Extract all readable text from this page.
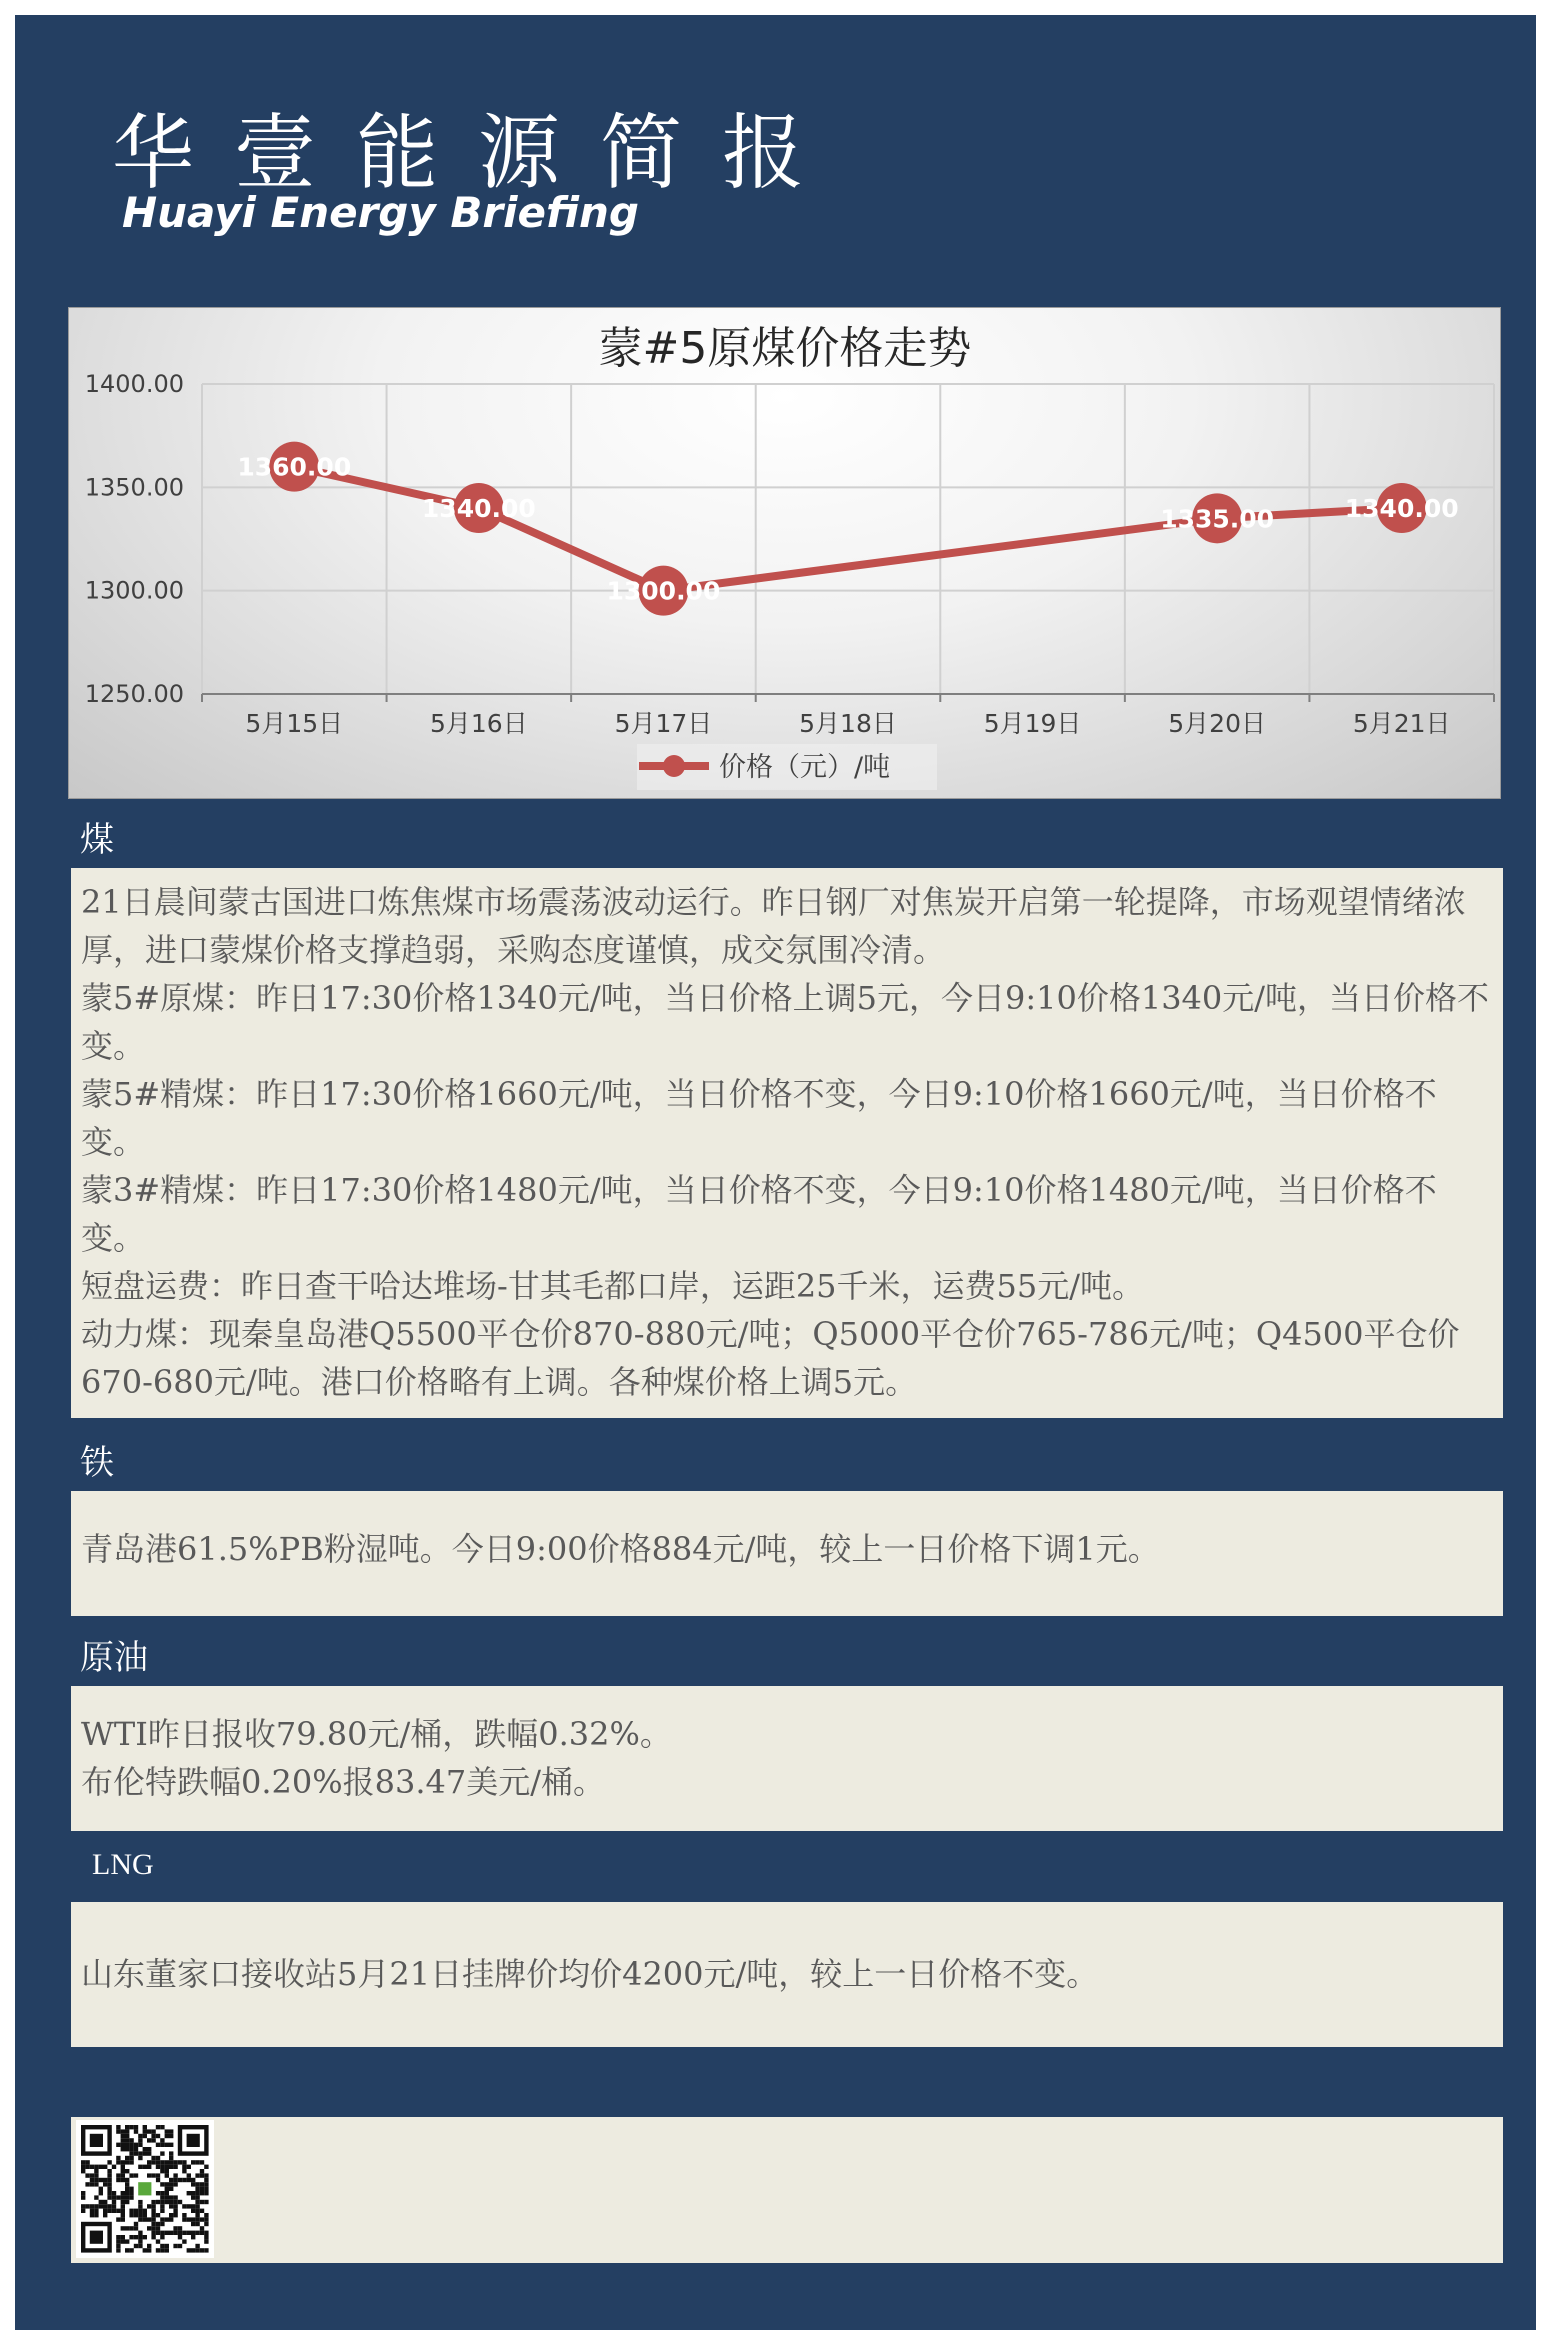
华壹能源简报
Huayi Energy Briefing
蒙#5原煤价格走势
1250.00
1300.00
1350.00
1400.00
5月15日	5月16日	5月17日	5月18日	5月19日	5月20日	5月21日
1360.00
1340.00
1300.00
1335.00	1340.00
价格（元）/吨
煤

21日晨间蒙古国进口炼焦煤市场震荡波动运行。昨日钢厂对焦炭开启第一轮提降，市场观望情绪浓厚，进口蒙煤价格支撑趋弱，采购态度谨慎，成交氛围冷清。

蒙5#原煤：昨日17:30价格1340元/吨，当日价格上调5元，今日9:10价格1340元/吨，当日价格不变。

蒙5#精煤：昨日17:30价格1660元/吨，当日价格不变，今日9:10价格1660元/吨，当日价格不变。

蒙3#精煤：昨日17:30价格1480元/吨，当日价格不变，今日9:10价格1480元/吨，当日价格不变。

短盘运费：昨日查干哈达堆场-甘其毛都口岸，运距25千米，运费55元/吨。

动力煤：现秦皇岛港Q5500平仓价870-880元/吨；Q5000平仓价765-786元/吨；Q4500平仓价670-680元/吨。港口价格略有上调。各种煤价格上调5元。

铁

青岛港61.5%PB粉湿吨。今日9:00价格884元/吨，较上一日价格下调1元。

原油

WTI昨日报收79.80元/桶，跌幅0.32%。

布伦特跌幅0.20%报83.47美元/桶。

LNG

山东董家口接收站5月21日挂牌价均价4200元/吨，较上一日价格不变。
